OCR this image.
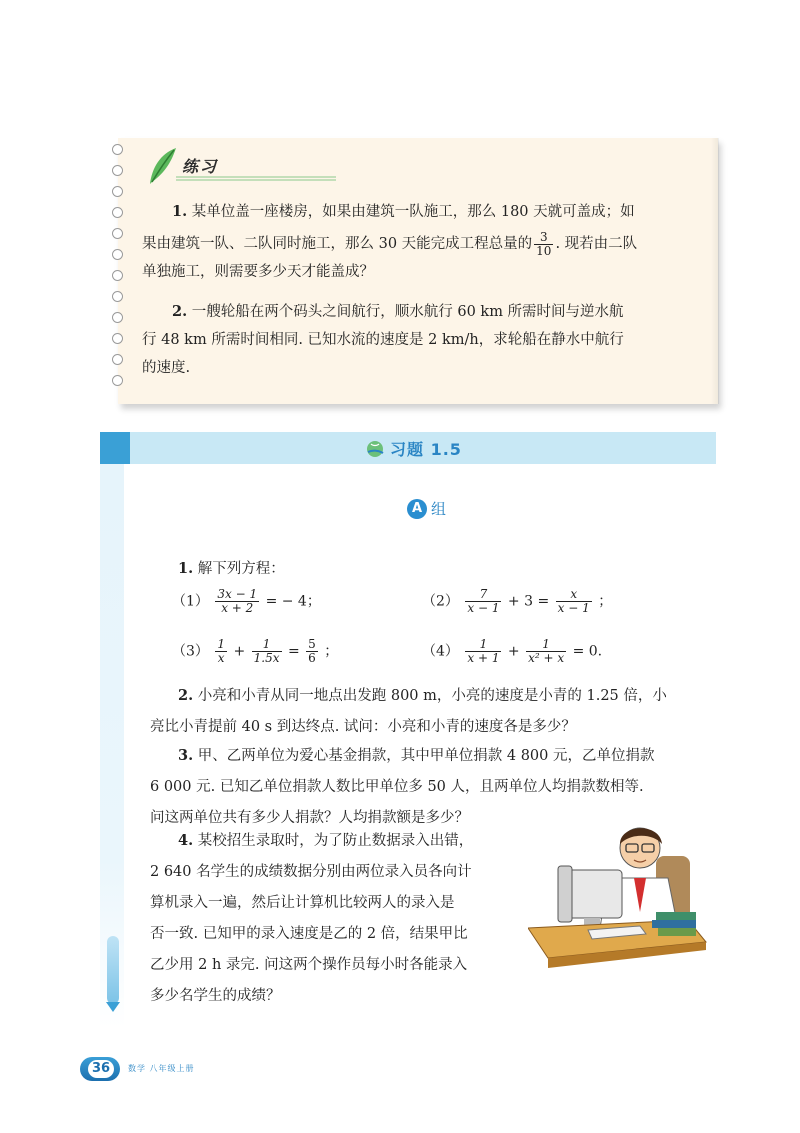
练习
1. 某单位盖一座楼房，如果由建筑一队施工，那么 180 天就可盖成；如
果由建筑一队、二队同时施工，那么 30 天能完成工程总量的 $\frac{3}{10}$ . 现若由二队
单独施工，则需要多少天才能盖成？
2. 一艘轮船在两个码头之间航行，顺水航行 60 km 所需时间与逆水航
行 48 km 所需时间相同. 已知水流的速度是 2 km/h，求轮船在静水中航行
的速度.
习题 1.5
A 组
1. 解下列方程：
$(1) \frac{3x - 1}{x + 2}$ = − 4；	$(2) \frac{7}{x - 1} + 3 = \frac{x}{x - 1}$ ；
$(3) \frac{1}{x} + \frac{1}{1.5x} = \frac{5}{6}$ ；	$(4) \frac{1}{x + 1} + \frac{1}{\text{x² + x}} = 0$.
2. 小亮和小青从同一地点出发跑 800 m，小亮的速度是小青的 1.25 倍，小
亮比小青提前 40 s 到达终点. 试问：小亮和小青的速度各是多少？
3. 甲、乙两单位为爱心基金捐款，其中甲单位捐款 4 800 元，乙单位捐款
6 000 元. 已知乙单位捐款人数比甲单位多 50 人，且两单位人均捐款数相等.
问这两单位共有多少人捐款？人均捐款额是多少？
4. 某校招生录取时，为了防止数据录入出错，
2 640 名学生的成绩数据分别由两位录入员各向计
算机录入一遍，然后让计算机比较两人的录入是
否一致. 已知甲的录入速度是乙的 2 倍，结果甲比
乙少用 2 h 录完. 问这两个操作员每小时各能录入
多少名学生的成绩？
36	数学 八年级上册
